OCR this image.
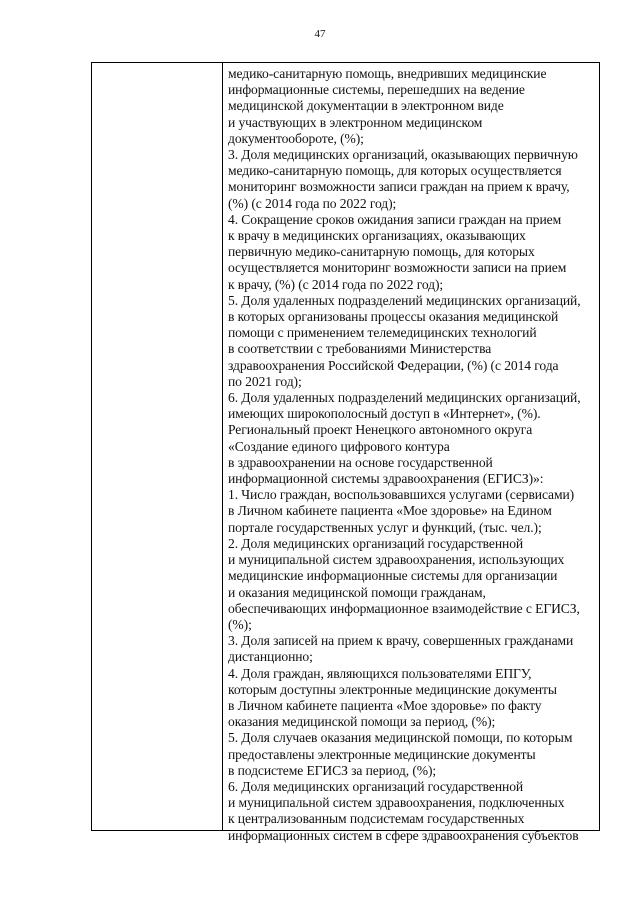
47
медико-санитарную помощь, внедривших медицинские
информационные системы, перешедших на ведение
медицинской документации в электронном виде
и участвующих в электронном медицинском
документообороте, (%);
3. Доля медицинских организаций, оказывающих первичную
медико-санитарную помощь, для которых осуществляется
мониторинг возможности записи граждан на прием к врачу,
(%) (с 2014 года по 2022 год);
4. Сокращение сроков ожидания записи граждан на прием
к врачу в медицинских организациях, оказывающих
первичную медико-санитарную помощь, для которых
осуществляется мониторинг возможности записи на прием
к врачу, (%) (с 2014 года по 2022 год);
5. Доля удаленных подразделений медицинских организаций,
в которых организованы процессы оказания медицинской
помощи с применением телемедицинских технологий
в соответствии с требованиями Министерства
здравоохранения Российской Федерации, (%) (с 2014 года
по 2021 год);
6. Доля удаленных подразделений медицинских организаций,
имеющих широкополосный доступ в «Интернет», (%).
Региональный проект Ненецкого автономного округа
«Создание единого цифрового контура
в здравоохранении на основе государственной
информационной системы здравоохранения (ЕГИСЗ)»:
1. Число граждан, воспользовавшихся услугами (сервисами)
в Личном кабинете пациента «Мое здоровье» на Едином
портале государственных услуг и функций, (тыс. чел.);
2. Доля медицинских организаций государственной
и муниципальной систем здравоохранения, использующих
медицинские информационные системы для организации
и оказания медицинской помощи гражданам,
обеспечивающих информационное взаимодействие с ЕГИСЗ,
(%);
3. Доля записей на прием к врачу, совершенных гражданами
дистанционно;
4. Доля граждан, являющихся пользователями ЕПГУ,
которым доступны электронные медицинские документы
в Личном кабинете пациента «Мое здоровье» по факту
оказания медицинской помощи за период, (%);
5. Доля случаев оказания медицинской помощи, по которым
предоставлены электронные медицинские документы
в подсистеме ЕГИСЗ за период, (%);
6. Доля медицинских организаций государственной
и муниципальной систем здравоохранения, подключенных
к централизованным подсистемам государственных
информационных систем в сфере здравоохранения субъектов
